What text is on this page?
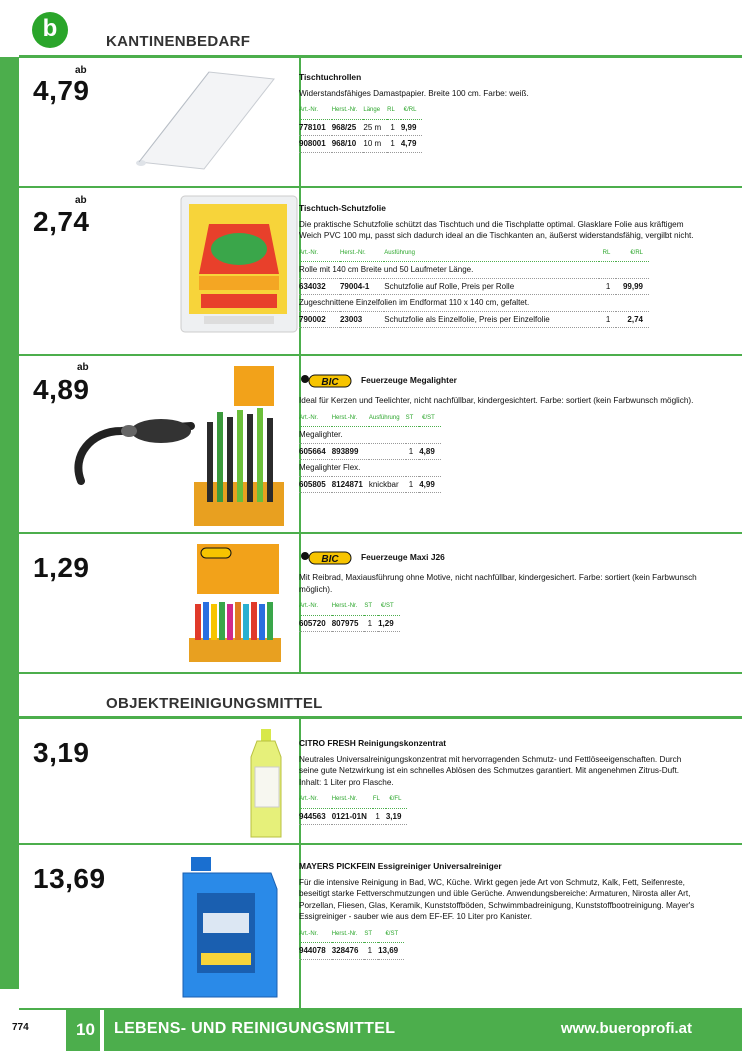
b	KANTINENBEDARF
4,79
ab
Tischtuchrollen
Widerstandsfähiges Damastpapier. Breite 100 cm. Farbe: weiß.
Art.-Nr.	Herst.-Nr.	Länge	RL	€/RL
778101	968/25	25 m	1	9,99
908001	968/10	10 m	1	4,79
2,74
ab
Tischtuch-Schutzfolie
Die praktische Schutzfolie schützt das Tischtuch und die Tischplatte optimal. Glasklare Folie aus kräftigem Weich PVC 100 mµ, passt sich dadurch ideal an die Tischkanten an, äußerst widerstandsfähig, vergilbt nicht.
Art.-Nr.	Herst.-Nr.	Ausführung	RL	€/RL
Rolle mit 140 cm Breite und 50 Laufmeter Länge.				
634032	79004-1	Schutzfolie auf Rolle, Preis per Rolle	1	99,99
Zugeschnittene Einzelfolien im Endformat 110 x 140 cm, gefaltet.				
790002	23003	Schutzfolie als Einzelfolie, Preis per Einzelfolie	1	2,74
4,89
ab
BIC	Feuerzeuge Megalighter
Ideal für Kerzen und Teelichter, nicht nachfüllbar, kindergesichtert. Farbe: sortiert (kein Farbwunsch möglich).
Art.-Nr.	Herst.-Nr.	Ausführung	ST	€/ST
Megalighter.				
605664	893899		1	4,89
Megalighter Flex.				
605805	8124871	knickbar	1	4,99
1,29	BIC	Feuerzeuge Maxi J26
Mit Reibrad, Maxiausführung ohne Motive, nicht nachfüllbar, kindergesichert. Farbe: sortiert (kein Farbwunsch möglich).
Art.-Nr.	Herst.-Nr.	ST	€/ST
605720	807975	1	1,29
OBJEKTREINIGUNGSMITTEL
3,19	CITRO FRESH Reinigungskonzentrat
Neutrales Universalreinigungskonzentrat mit hervorragenden Schmutz- und Fettlöseeigenschaften. Durch seine gute Netzwirkung ist ein schnelles Ablösen des Schmutzes garantiert. Mit angenehmen Zitrus-Duft. Inhalt: 1 Liter pro Flasche.
Art.-Nr.	Herst.-Nr.	FL	€/FL
944563	0121-01N	1	3,19
13,69	MAYERS PICKFEIN Essigreiniger Universalreiniger
Für die intensive Reinigung in Bad, WC, Küche. Wirkt gegen jede Art von Schmutz, Kalk, Fett, Seifenreste, beseitigt starke Fettverschmutzungen und üble Gerüche. Anwendungsbereiche: Armaturen, Nirosta aller Art, Porzellan, Fliesen, Glas, Keramik, Kunststoffböden, Schwimmbadreinigung, Kunststoffbootreinigung. Mayer's Essigreiniger - sauber wie aus dem EF-EF. 10 Liter pro Kanister.
Art.-Nr.	Herst.-Nr.	ST	€/ST
944078	328476	1	13,69
774	10 LEBENS- UND REINIGUNGSMITTEL	www.bueroprofi.at
